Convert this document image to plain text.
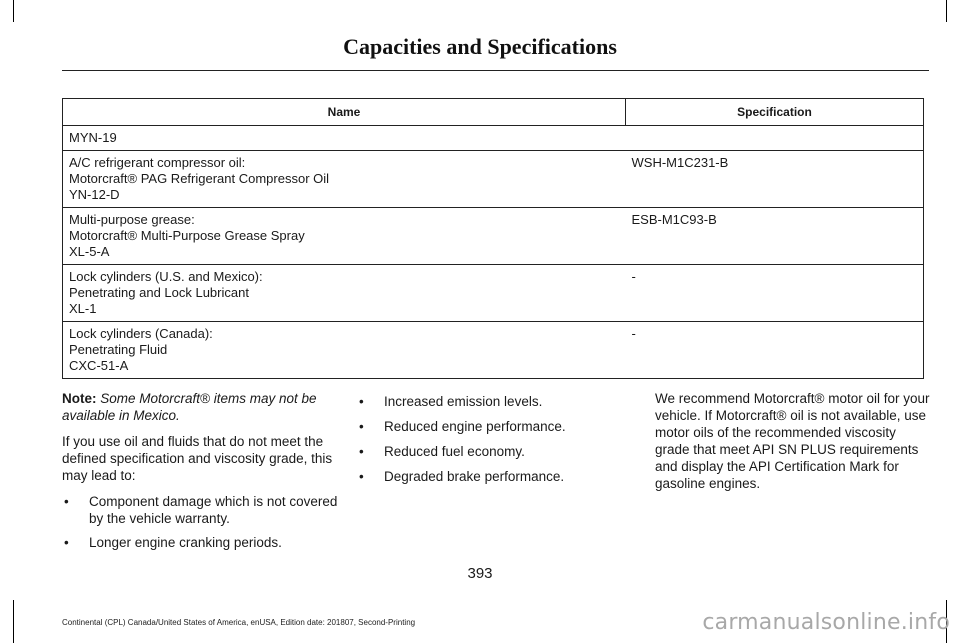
Capacities and Specifications
Name	Specification

MYN-19	

A/C refrigerant compressor oil:
Motorcraft® PAG Refrigerant Compressor Oil
YN-12-D	WSH-M1C231-B

Multi-purpose grease:
Motorcraft® Multi-Purpose Grease Spray
XL-5-A	ESB-M1C93-B

Lock cylinders (U.S. and Mexico):
Penetrating and Lock Lubricant
XL-1	-

Lock cylinders (Canada):
Penetrating Fluid
CXC-51-A	-

Note: Some Motorcraft® items may not be available in Mexico.

If you use oil and fluids that do not meet the defined specification and viscosity grade, this may lead to:

• Component damage which is not covered by the vehicle warranty.
• Longer engine cranking periods.
• Increased emission levels.
• Reduced engine performance.
• Reduced fuel economy.
• Degraded brake performance.

We recommend Motorcraft® motor oil for your vehicle. If Motorcraft® oil is not available, use motor oils of the recommended viscosity grade that meet API SN PLUS requirements and display the API Certification Mark for gasoline engines.

393
Continental (CPL) Canada/United States of America, enUSA, Edition date: 201807, Second-Printing	carmanualsonline.info
